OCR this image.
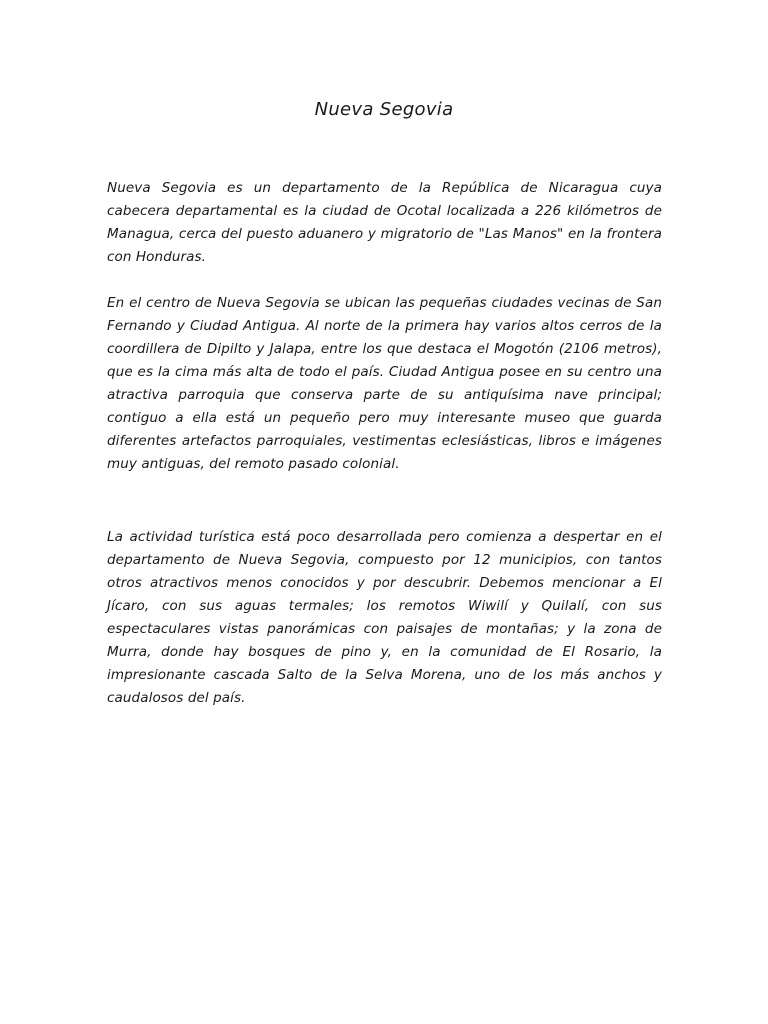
Nueva Segovia
Nueva Segovia es un departamento de la República de Nicaragua cuya cabecera departamental es la ciudad de Ocotal localizada a 226 kilómetros de Managua, cerca del puesto aduanero y migratorio de "Las Manos" en la frontera con Honduras.
En el centro de Nueva Segovia se ubican las pequeñas ciudades vecinas de San Fernando y Ciudad Antigua. Al norte de la primera hay varios altos cerros de la coordillera de Dipilto y Jalapa, entre los que destaca el Mogotón (2106 metros), que es la cima más alta de todo el país. Ciudad Antigua posee en su centro una atractiva parroquia que conserva parte de su antiquísima nave principal; contiguo a ella está un pequeño pero muy interesante museo que guarda diferentes artefactos parroquiales, vestimentas eclesiásticas, libros e imágenes muy antiguas, del remoto pasado colonial.
La actividad turística está poco desarrollada pero comienza a despertar en el departamento de Nueva Segovia, compuesto por 12 municipios, con tantos otros atractivos menos conocidos y por descubrir. Debemos mencionar a El Jícaro, con sus aguas termales; los remotos Wiwilí y Quilalí, con sus espectaculares vistas panorámicas con paisajes de montañas; y la zona de Murra, donde hay bosques de pino y, en la comunidad de El Rosario, la impresionante cascada Salto de la Selva Morena, uno de los más anchos y caudalosos del país.
